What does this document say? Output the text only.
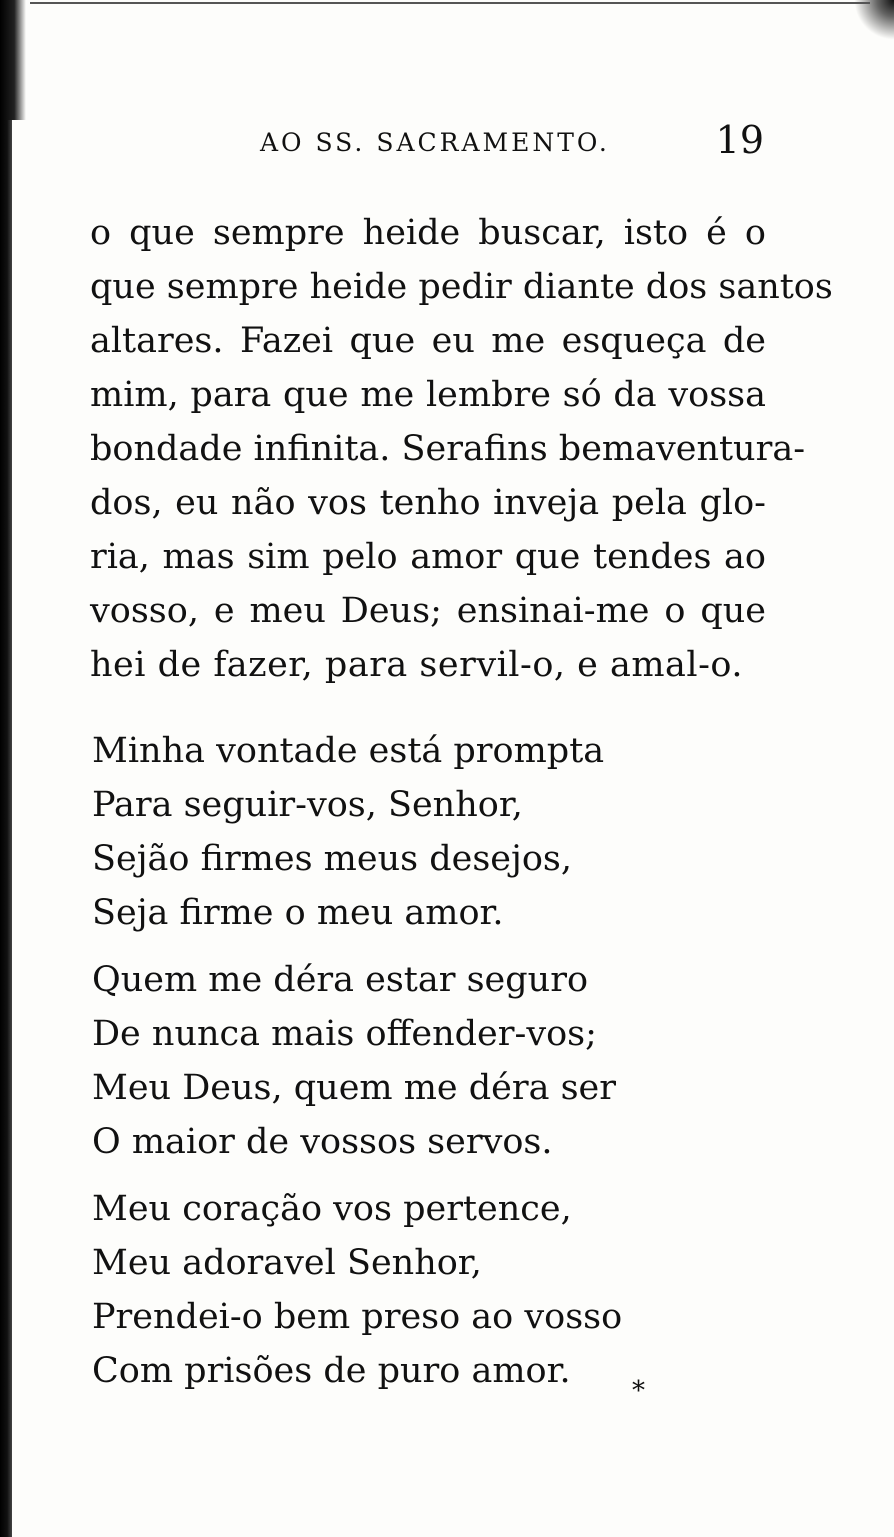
AO SS. SACRAMENTO.	19
o que sempre heide buscar, isto é o
que sempre heide pedir diante dos santos
altares. Fazei que eu me esqueça de
mim, para que me lembre só da vossa
bondade infinita. Serafins bemaventura-
dos, eu não vos tenho inveja pela glo-
ria, mas sim pelo amor que tendes ao
vosso, e meu Deus; ensinai-me o que
hei de fazer, para servil-o, e amal-o.
Minha vontade está prompta
Para seguir-vos, Senhor,
Sejão firmes meus desejos,
Seja firme o meu amor.
Quem me déra estar seguro
De nunca mais offender-vos;
Meu Deus, quem me déra ser
O maior de vossos servos.
Meu coração vos pertence,
Meu adoravel Senhor,
Prendei-o bem preso ao vosso
Com prisões de puro amor.	*
